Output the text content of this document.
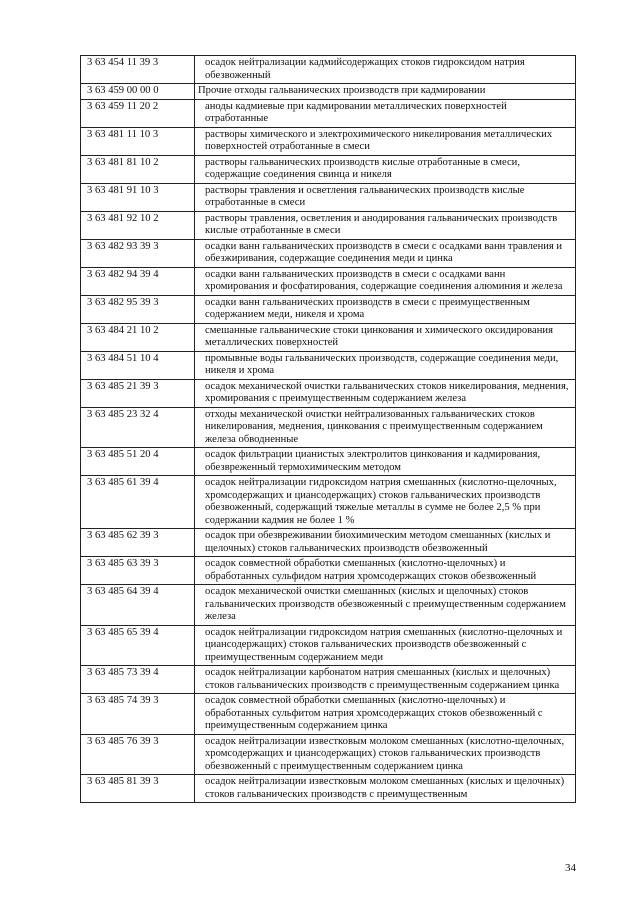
3 63 454 11 39 3	осадок нейтрализации кадмийсодержащих стоков гидроксидом натрия обезвоженный
3 63 459 00 00 0	Прочие отходы гальванических производств при кадмировании
3 63 459 11 20 2	аноды кадмиевые при кадмировании металлических поверхностей отработанные
3 63 481 11 10 3	растворы химического и электрохимического никелирования металлических поверхностей отработанные в смеси
3 63 481 81 10 2	растворы гальванических производств кислые отработанные в смеси, содержащие соединения свинца и никеля
3 63 481 91 10 3	растворы травления и осветления гальванических производств кислые отработанные в смеси
3 63 481 92 10 2	растворы травления, осветления и анодирования гальванических производств кислые отработанные в смеси
3 63 482 93 39 3	осадки ванн гальванических производств в смеси с осадками ванн травления и обезжиривания, содержащие соединения меди и цинка
3 63 482 94 39 4	осадки ванн гальванических производств в смеси с осадками ванн хромирования и фосфатирования, содержащие соединения алюминия и железа
3 63 482 95 39 3	осадки ванн гальванических производств в смеси с преимущественным содержанием меди, никеля и хрома
3 63 484 21 10 2	смешанные гальванические стоки цинкования и химического оксидирования металлических поверхностей
3 63 484 51 10 4	промывные воды гальванических производств, содержащие соединения меди, никеля и хрома
3 63 485 21 39 3	осадок механической очистки гальванических стоков никелирования, меднения, хромирования с преимущественным содержанием железа
3 63 485 23 32 4	отходы механической очистки нейтрализованных гальванических стоков никелирования, меднения, цинкования с преимущественным содержанием железа обводненные
3 63 485 51 20 4	осадок фильтрации цианистых электролитов цинкования и кадмирования, обезвреженный термохимическим методом
3 63 485 61 39 4	осадок нейтрализации гидроксидом натрия смешанных (кислотно-щелочных, хромсодержащих и циансодержащих) стоков гальванических производств обезвоженный, содержащий тяжелые металлы в сумме не более 2,5 % при содержании кадмия не более 1 %
3 63 485 62 39 3	осадок при обезвреживании биохимическим методом смешанных (кислых и щелочных) стоков гальванических производств обезвоженный
3 63 485 63 39 3	осадок совместной обработки смешанных (кислотно-щелочных) и обработанных сульфидом натрия хромсодержащих стоков обезвоженный
3 63 485 64 39 4	осадок механической очистки смешанных (кислых и щелочных) стоков гальванических производств обезвоженный с преимущественным содержанием железа
3 63 485 65 39 4	осадок нейтрализации гидроксидом натрия смешанных (кислотно-щелочных и циансодержащих) стоков гальванических производств обезвоженный с преимущественным содержанием меди
3 63 485 73 39 4	осадок нейтрализации карбонатом натрия смешанных (кислых и щелочных) стоков гальванических производств с преимущественным содержанием цинка
3 63 485 74 39 3	осадок совместной обработки смешанных (кислотно-щелочных) и обработанных сульфитом натрия хромсодержащих стоков обезвоженный с преимущественным содержанием цинка
3 63 485 76 39 3	осадок нейтрализации известковым молоком смешанных (кислотно-щелочных, хромсодержащих и циансодержащих) стоков гальванических производств обезвоженный с преимущественным содержанием цинка
3 63 485 81 39 3	осадок нейтрализации известковым молоком смешанных (кислых и щелочных) стоков гальванических производств с преимущественным
34
